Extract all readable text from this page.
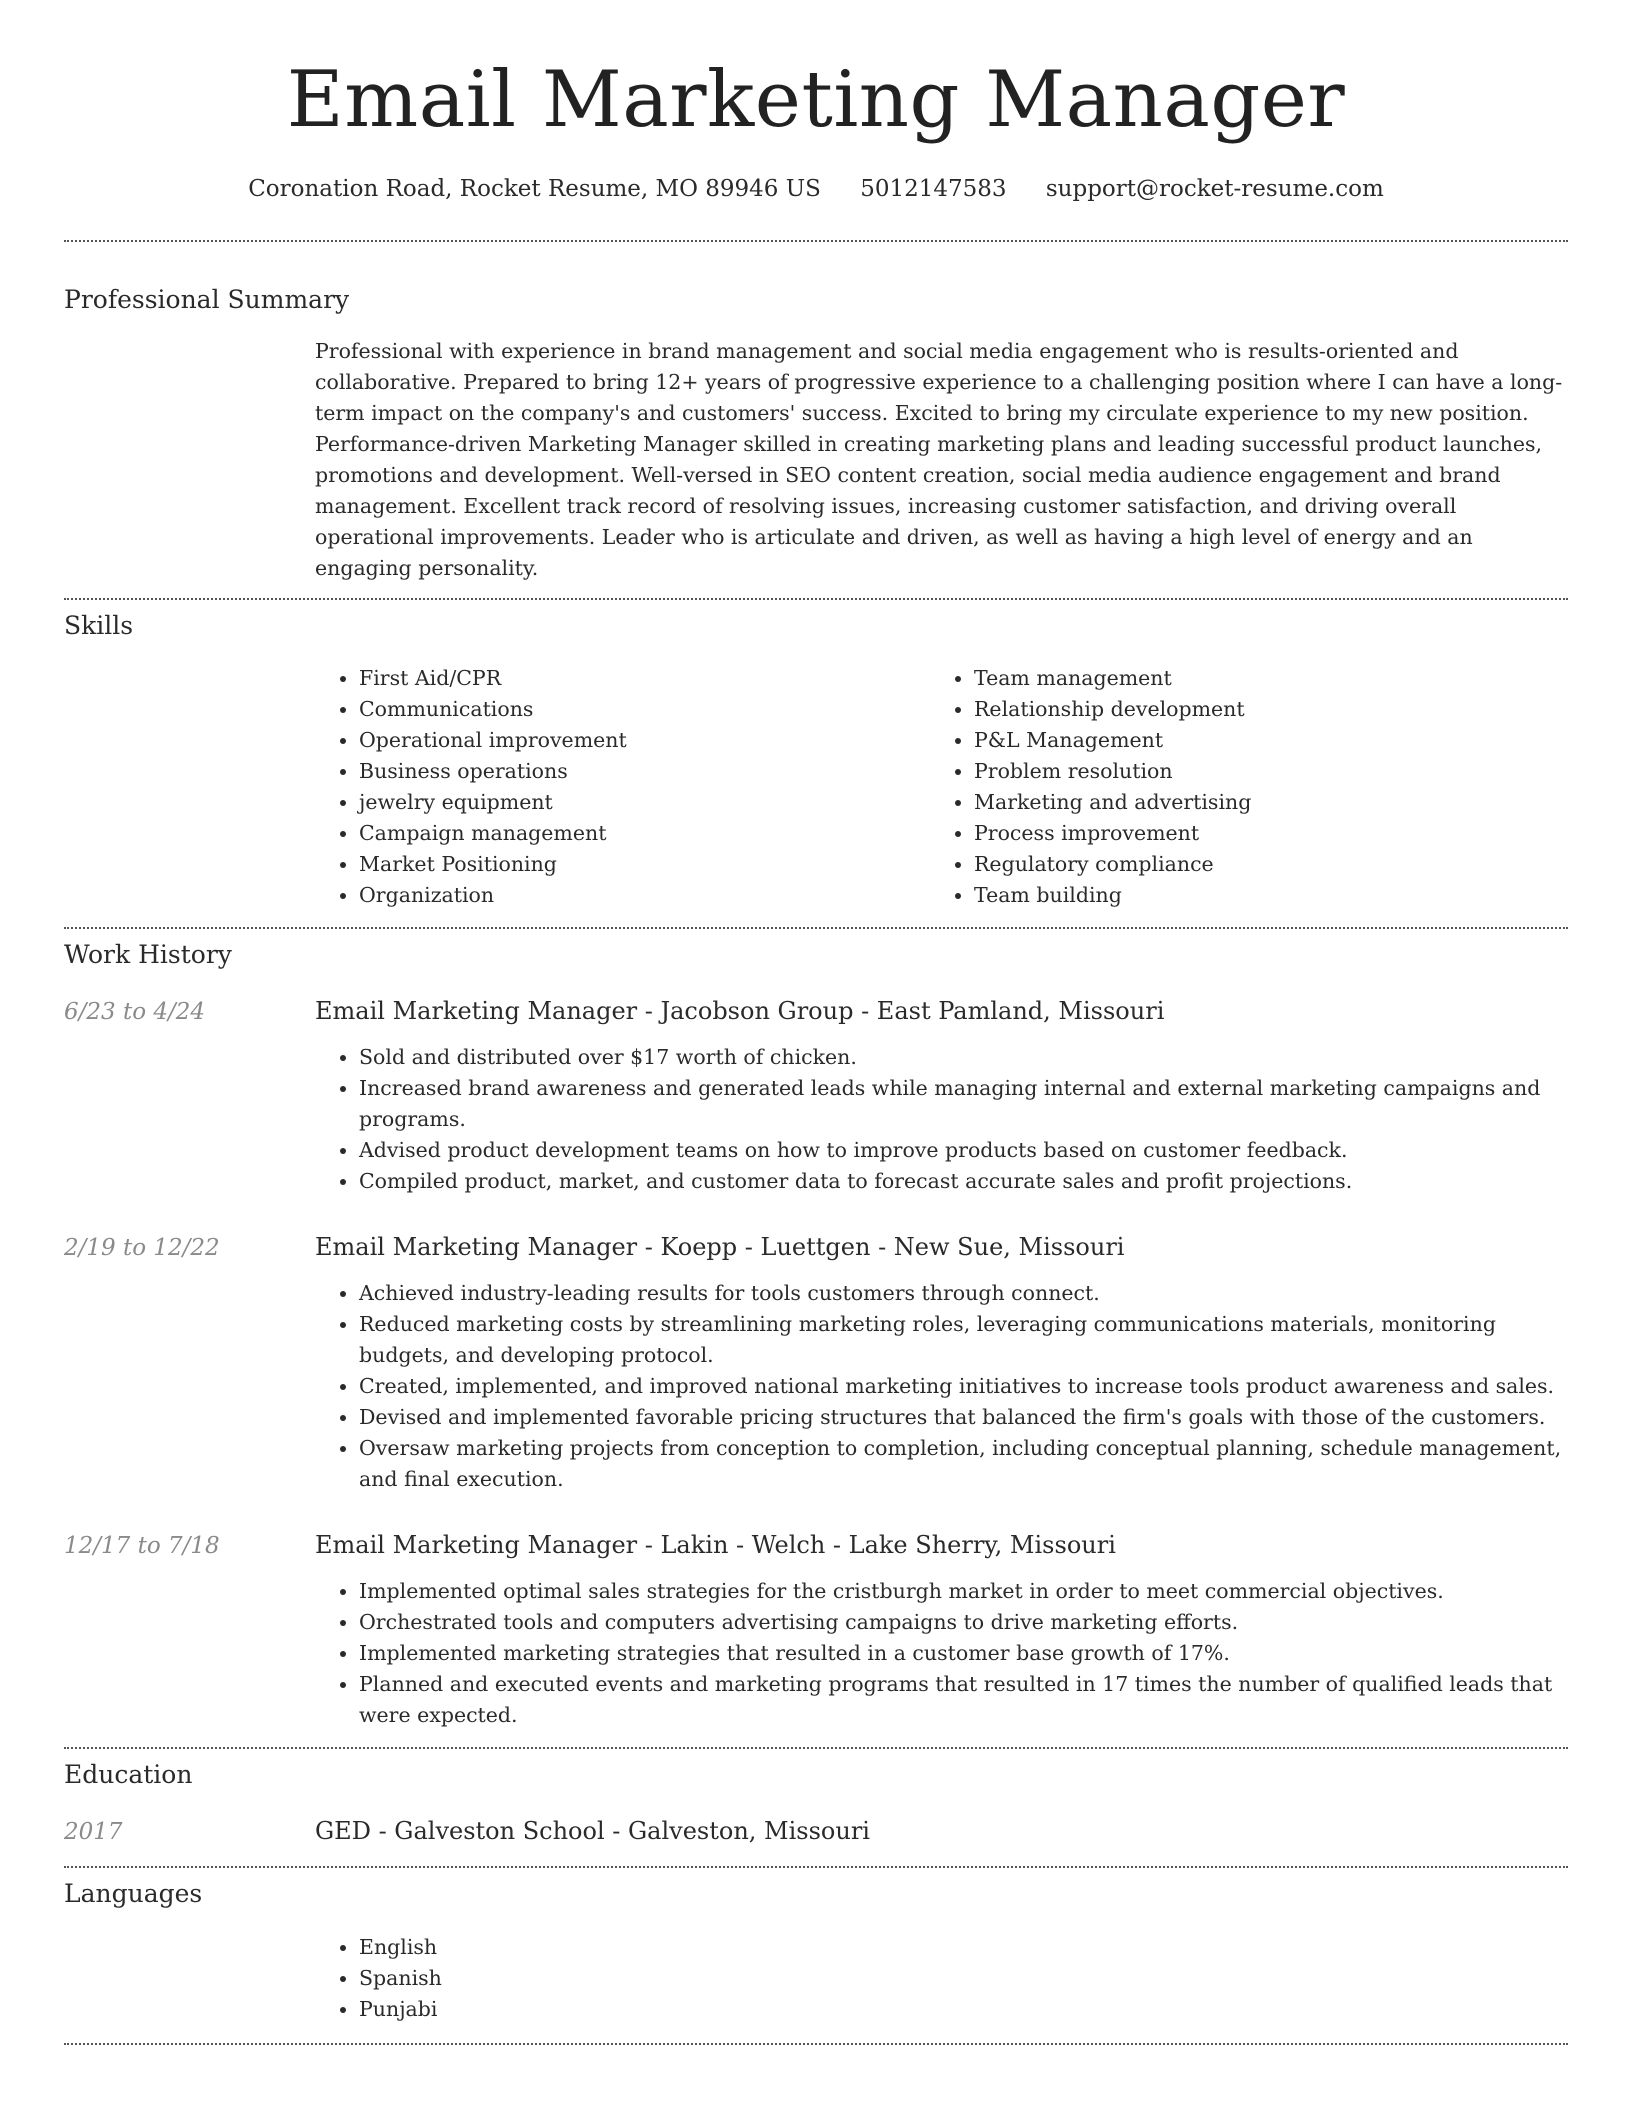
Email Marketing Manager
Coronation Road, Rocket Resume, MO 89946 US 5012147583 support@rocket-resume.com
Professional Summary
Professional with experience in brand management and social media engagement who is results-oriented and collaborative. Prepared to bring 12+ years of progressive experience to a challenging position where I can have a long-term impact on the company's and customers' success. Excited to bring my circulate experience to my new position. Performance-driven Marketing Manager skilled in creating marketing plans and leading successful product launches, promotions and development. Well-versed in SEO content creation, social media audience engagement and brand management. Excellent track record of resolving issues, increasing customer satisfaction, and driving overall operational improvements. Leader who is articulate and driven, as well as having a high level of energy and an engaging personality.
Skills
• First Aid/CPR
• Communications
• Operational improvement
• Business operations
• jewelry equipment
• Campaign management
• Market Positioning
• Organization
• Team management
• Relationship development
• P&L Management
• Problem resolution
• Marketing and advertising
• Process improvement
• Regulatory compliance
• Team building
Work History
6/23 to 4/24	Email Marketing Manager - Jacobson Group - East Pamland, Missouri
• Sold and distributed over $17 worth of chicken.
• Increased brand awareness and generated leads while managing internal and external marketing campaigns and programs.
• Advised product development teams on how to improve products based on customer feedback.
• Compiled product, market, and customer data to forecast accurate sales and profit projections.
2/19 to 12/22	Email Marketing Manager - Koepp - Luettgen - New Sue, Missouri
• Achieved industry-leading results for tools customers through connect.
• Reduced marketing costs by streamlining marketing roles, leveraging communications materials, monitoring budgets, and developing protocol.
• Created, implemented, and improved national marketing initiatives to increase tools product awareness and sales.
• Devised and implemented favorable pricing structures that balanced the firm's goals with those of the customers.
• Oversaw marketing projects from conception to completion, including conceptual planning, schedule management, and final execution.
12/17 to 7/18	Email Marketing Manager - Lakin - Welch - Lake Sherry, Missouri
• Implemented optimal sales strategies for the cristburgh market in order to meet commercial objectives.
• Orchestrated tools and computers advertising campaigns to drive marketing efforts.
• Implemented marketing strategies that resulted in a customer base growth of 17%.
• Planned and executed events and marketing programs that resulted in 17 times the number of qualified leads that were expected.
Education
2017	GED - Galveston School - Galveston, Missouri
Languages
• English
• Spanish
• Punjabi
